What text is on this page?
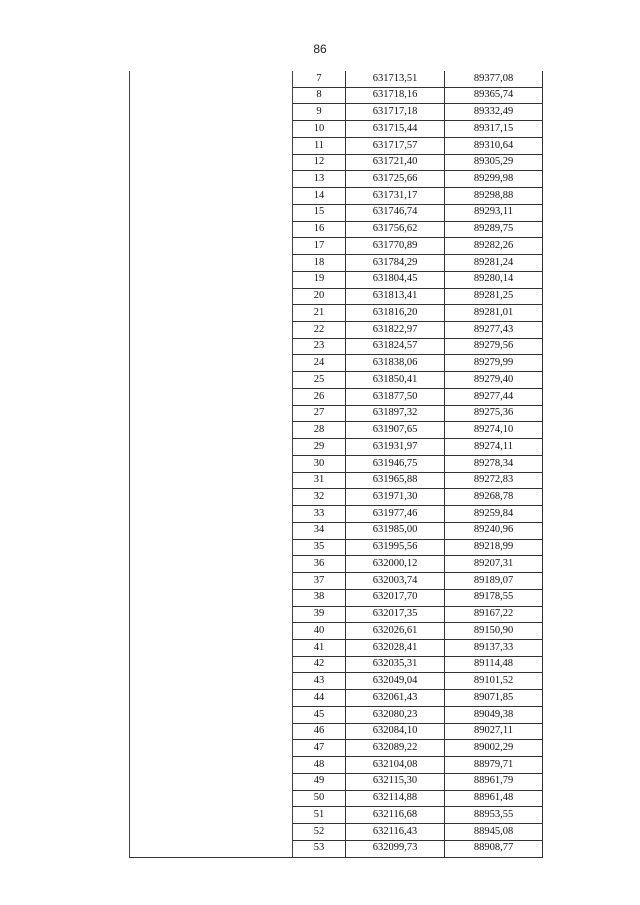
86
	7	631713,51	89377,08
	8	631718,16	89365,74
	9	631717,18	89332,49
	10	631715,44	89317,15
	11	631717,57	89310,64
	12	631721,40	89305,29
	13	631725,66	89299,98
	14	631731,17	89298,88
	15	631746,74	89293,11
	16	631756,62	89289,75
	17	631770,89	89282,26
	18	631784,29	89281,24
	19	631804,45	89280,14
	20	631813,41	89281,25
	21	631816,20	89281,01
	22	631822,97	89277,43
	23	631824,57	89279,56
	24	631838,06	89279,99
	25	631850,41	89279,40
	26	631877,50	89277,44
	27	631897,32	89275,36
	28	631907,65	89274,10
	29	631931,97	89274,11
	30	631946,75	89278,34
	31	631965,88	89272,83
	32	631971,30	89268,78
	33	631977,46	89259,84
	34	631985,00	89240,96
	35	631995,56	89218,99
	36	632000,12	89207,31
	37	632003,74	89189,07
	38	632017,70	89178,55
	39	632017,35	89167,22
	40	632026,61	89150,90
	41	632028,41	89137,33
	42	632035,31	89114,48
	43	632049,04	89101,52
	44	632061,43	89071,85
	45	632080,23	89049,38
	46	632084,10	89027,11
	47	632089,22	89002,29
	48	632104,08	88979,71
	49	632115,30	88961,79
	50	632114,88	88961,48
	51	632116,68	88953,55
	52	632116,43	88945,08
	53	632099,73	88908,77
